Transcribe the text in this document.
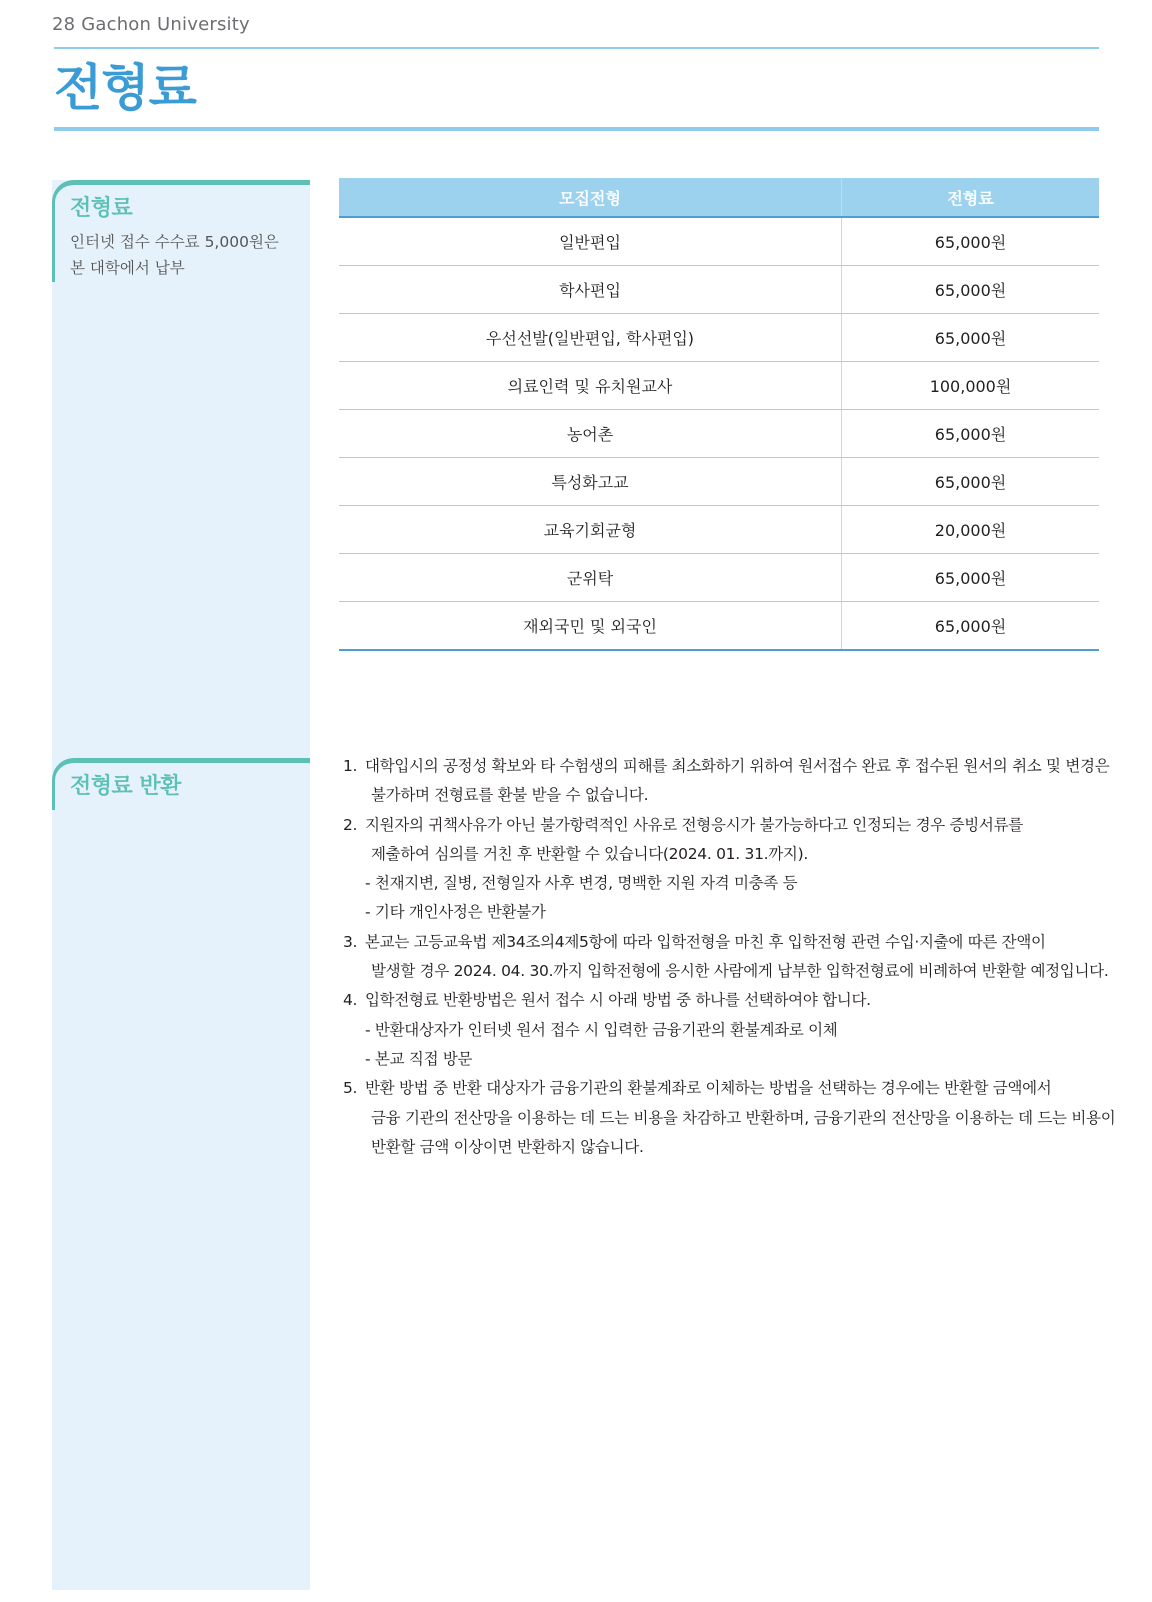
28 Gachon University
전형료
전형료
인터넷 접수 수수료 5,000원은
본 대학에서 납부
전형료 반환
모집전형	전형료
일반편입	65,000원
학사편입	65,000원
우선선발(일반편입, 학사편입)	65,000원
의료인력 및 유치원교사	100,000원
농어촌	65,000원
특성화고교	65,000원
교육기회균형	20,000원
군위탁	65,000원
재외국민 및 외국인	65,000원
1. 대학입시의 공정성 확보와 타 수험생의 피해를 최소화하기 위하여 원서접수 완료 후 접수된 원서의 취소 및 변경은
불가하며 전형료를 환불 받을 수 없습니다.
2. 지원자의 귀책사유가 아닌 불가항력적인 사유로 전형응시가 불가능하다고 인정되는 경우 증빙서류를
제출하여 심의를 거친 후 반환할 수 있습니다(2024. 01. 31.까지).
- 천재지변, 질병, 전형일자 사후 변경, 명백한 지원 자격 미충족 등
- 기타 개인사정은 반환불가
3. 본교는 고등교육법 제34조의4제5항에 따라 입학전형을 마친 후 입학전형 관련 수입·지출에 따른 잔액이
발생할 경우 2024. 04. 30.까지 입학전형에 응시한 사람에게 납부한 입학전형료에 비례하여 반환할 예정입니다.
4. 입학전형료 반환방법은 원서 접수 시 아래 방법 중 하나를 선택하여야 합니다.
- 반환대상자가 인터넷 원서 접수 시 입력한 금융기관의 환불계좌로 이체
- 본교 직접 방문
5. 반환 방법 중 반환 대상자가 금융기관의 환불계좌로 이체하는 방법을 선택하는 경우에는 반환할 금액에서
금융 기관의 전산망을 이용하는 데 드는 비용을 차감하고 반환하며, 금융기관의 전산망을 이용하는 데 드는 비용이
반환할 금액 이상이면 반환하지 않습니다.
